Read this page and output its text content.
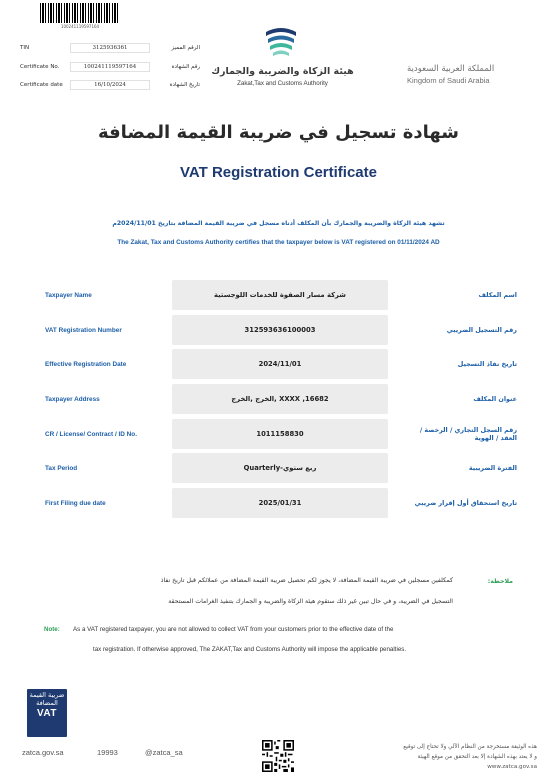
100241119597164
TIN	3125936361	الرقم المميز
Certificate No.	100241119597164	رقم الشهادة
Certificate date	16/10/2024	تاريخ الشهادة
هيئة الزكاة والضريبة والجمارك
Zakat,Tax and Customs Authority
المملكة العربية السعودية
Kingdom of Saudi Arabia
شهادة تسجيل في ضريبة القيمة المضافة
VAT Registration Certificate
تشهد هيئة الزكاة والضريبة والجمارك بأن المكلف أدناه مسجل في ضريبة القيمة المضافة بتاريخ 2024/11/01م
The Zakat, Tax and Customs Authority certifies that the taxpayer below is VAT registered on 01/11/2024 AD
Taxpayer Name	شركة مسار الصفوة للخدمات اللوجستية	اسم المكلف
VAT Registration Number	312593636100003	رقم التسجيل الضريبي
Effective Registration Date	2024/11/01	تاريخ نفاذ التسجيل
Taxpayer Address	XXXX ,16682 ,الخرج ,الخرج	عنوان المكلف
CR / License/ Contract / ID No.	1011158830	رقم السجل التجاري / الرخصة / العقد / الهوية
Tax Period	ربع سنوي-Quarterly	الفترة الضريبية
First Filing due date	2025/01/31	تاريخ استحقاق أول إقرار ضريبي
ملاحظة:
كمكلفين مسجلين في ضريبة القيمة المضافة، لا يجوز لكم تحصيل ضريبة القيمة المضافة من عملائكم قبل تاريخ نفاذ
التسجيل في الضريبة، و في حال تبين غير ذلك ستقوم هيئة الزكاة والضريبة و الجمارك بتنفيذ الغرامات المستحقة
Note: As a VAT registered taxpayer, you are not allowed to collect VAT from your customers prior to the effective date of the
tax registration. If otherwise approved, The ZAKAT,Tax and Customs Authority will impose the applicable penalties.
ضريبة القيمة المضافة
VAT
zatca.gov.sa	19993	@zatca_sa
هذه الوثيقة مستخرجة من النظام الآلي ولا تحتاج إلى توقيع
و لا يعتد بهذه الشهادة إلا بعد التحقق من موقع الهيئة
www.zatca.gov.sa
